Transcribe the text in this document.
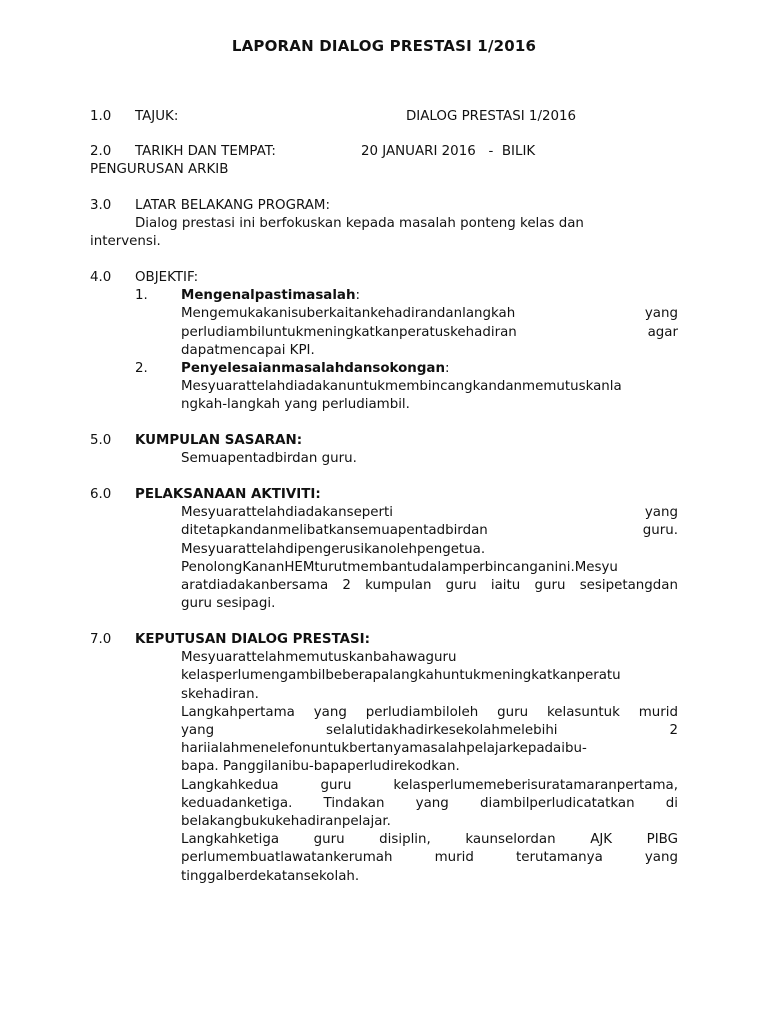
LAPORAN DIALOG PRESTASI 1/2016
1.0 TAJUK:	DIALOG PRESTASI 1/2016
2.0 TARIKH DAN TEMPAT:	20 JANUARI 2016   -  BILIK
PENGURUSAN ARKIB
3.0 LATAR BELAKANG PROGRAM:
Dialog prestasi ini berfokuskan kepada masalah ponteng kelas dan
intervensi.
4.0 OBJEKTIF:
1.	Mengenalpastimasalah:
Mengemukakanisuberkaitankehadirandanlangkah yang
perludiambiluntukmeningkatkanperatuskehadiran agar
dapatmencapai KPI.
2.	Penyelesaianmasalahdansokongan:
Mesyuarattelahdiadakanuntukmembincangkandanmemutuskanla
ngkah-langkah yang perludiambil.
5.0 KUMPULAN SASARAN:
Semuapentadbirdan guru.
6.0 PELAKSANAAN AKTIVITI:
Mesyuarattelahdiadakanseperti yang
ditetapkandanmelibatkansemuapentadbirdan guru.
Mesyuarattelahdipengerusikanolehpengetua.
PenolongKananHEMturutmembantudalamperbincanganini.Mesyu
aratdiadakanbersama 2 kumpulan guru iaitu guru sesipetangdan
guru sesipagi.
7.0 KEPUTUSAN DIALOG PRESTASI:
Mesyuarattelahmemutuskanbahawaguru
kelasperlumengambilbeberapalangkahuntukmeningkatkanperatu
skehadiran.
Langkahpertama yang perludiambiloleh guru kelasuntuk murid
yang selalutidakhadirkesekolahmelebihi 2
hariialahmenelefonuntukbertanyamasalahpelajarkepadaibu-
bapa. Panggilanibu-bapaperludirekodkan.
Langkahkedua guru kelasperlumemeberisuratamaranpertama,
keduadanketiga. Tindakan yang diambilperludicatatkan di
belakangbukukehadiranpelajar.
Langkahketiga guru disiplin, kaunselordan AJK PIBG
perlumembuatlawatankerumah murid terutamanya yang
tinggalberdekatansekolah.
